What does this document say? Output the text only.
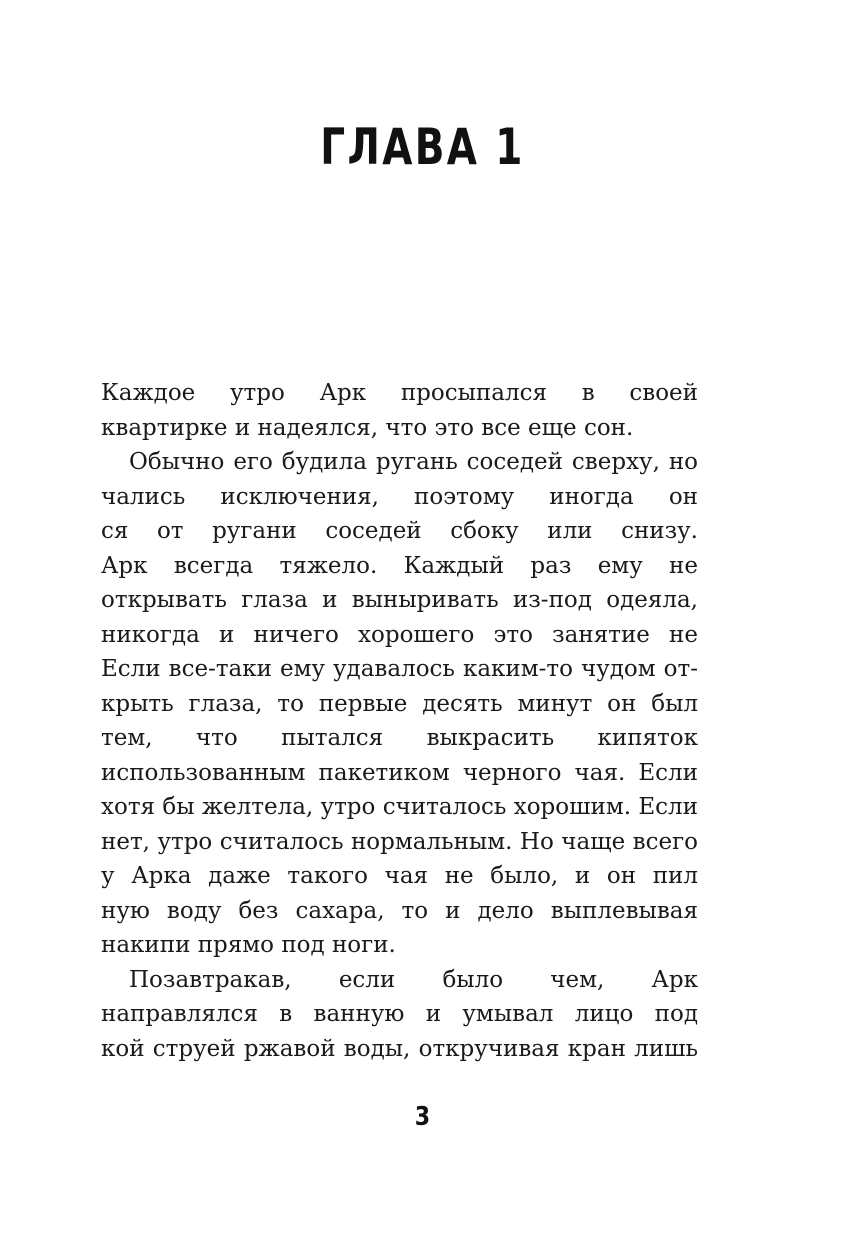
ГЛАВА 1
Каждое утро Арк просыпался в своей
квартирке и надеялся, что это все еще сон.
Обычно его будила ругань соседей сверху, но
чались исключения, поэтому иногда он
ся от ругани соседей сбоку или снизу.
Арк всегда тяжело. Каждый раз ему не
открывать глаза и выныривать из-под одеяла,
никогда и ничего хорошего это занятие не
Если все-таки ему удавалось каким-то чудом от-
крыть глаза, то первые десять минут он был
тем, что пытался выкрасить кипяток
использованным пакетиком черного чая. Если
хотя бы желтела, утро считалось хорошим. Если
нет, утро считалось нормальным. Но чаще всего
у Арка даже такого чая не было, и он пил
ную воду без сахара, то и дело выплевывая
накипи прямо под ноги.
Позавтракав, если было чем, Арк
направлялся в ванную и умывал лицо под
кой струей ржавой воды, откручивая кран лишь
3
